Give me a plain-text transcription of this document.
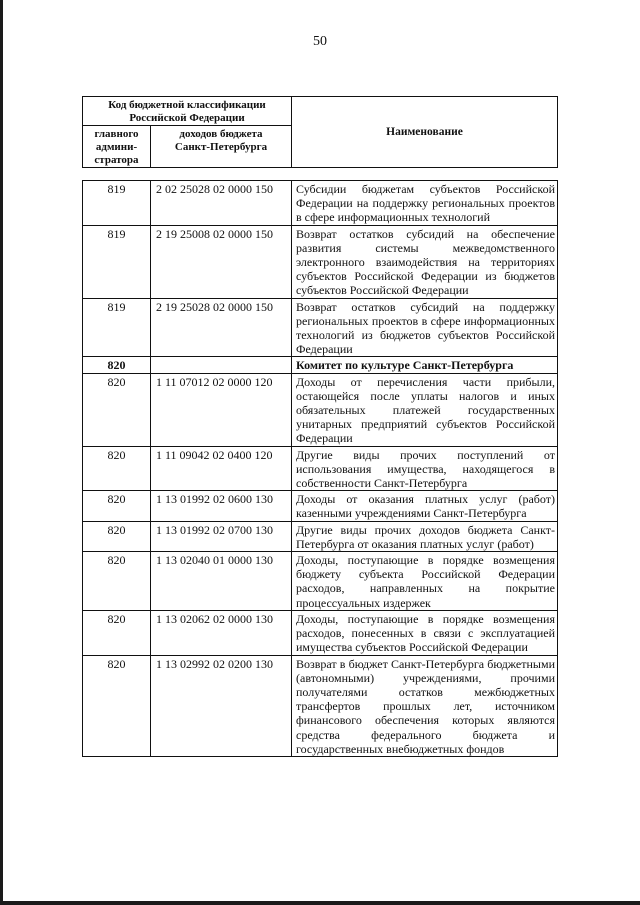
50
Код бюджетной классификации Российской Федерации		Наименование
главного админи-стратора	доходов бюджета Санкт-Петербурга	
819	2 02 25028 02 0000 150	Субсидии бюджетам субъектов Российской Федерации на поддержку региональных проектов в сфере информационных технологий
819	2 19 25008 02 0000 150	Возврат остатков субсидий на обеспечение развития системы межведомственного электронного взаимодействия на территориях субъектов Российской Федерации из бюджетов субъектов Российской Федерации
819	2 19 25028 02 0000 150	Возврат остатков субсидий на поддержку региональных проектов в сфере информационных технологий из бюджетов субъектов Российской Федерации
820		Комитет по культуре Санкт-Петербурга
820	1 11 07012 02 0000 120	Доходы от перечисления части прибыли, остающейся после уплаты налогов и иных обязательных платежей государственных унитарных предприятий субъектов Российской Федерации
820	1 11 09042 02 0400 120	Другие виды прочих поступлений от использования имущества, находящегося в собственности Санкт-Петербурга
820	1 13 01992 02 0600 130	Доходы от оказания платных услуг (работ) казенными учреждениями Санкт-Петербурга
820	1 13 01992 02 0700 130	Другие виды прочих доходов бюджета Санкт-Петербурга от оказания платных услуг (работ)
820	1 13 02040 01 0000 130	Доходы, поступающие в порядке возмещения бюджету субъекта Российской Федерации расходов, направленных на покрытие процессуальных издержек
820	1 13 02062 02 0000 130	Доходы, поступающие в порядке возмещения расходов, понесенных в связи с эксплуатацией имущества субъектов Российской Федерации
820	1 13 02992 02 0200 130	Возврат в бюджет Санкт-Петербурга бюджетными (автономными) учреждениями, прочими получателями остатков межбюджетных трансфертов прошлых лет, источником финансового обеспечения которых являются средства федерального бюджета и государственных внебюджетных фондов
